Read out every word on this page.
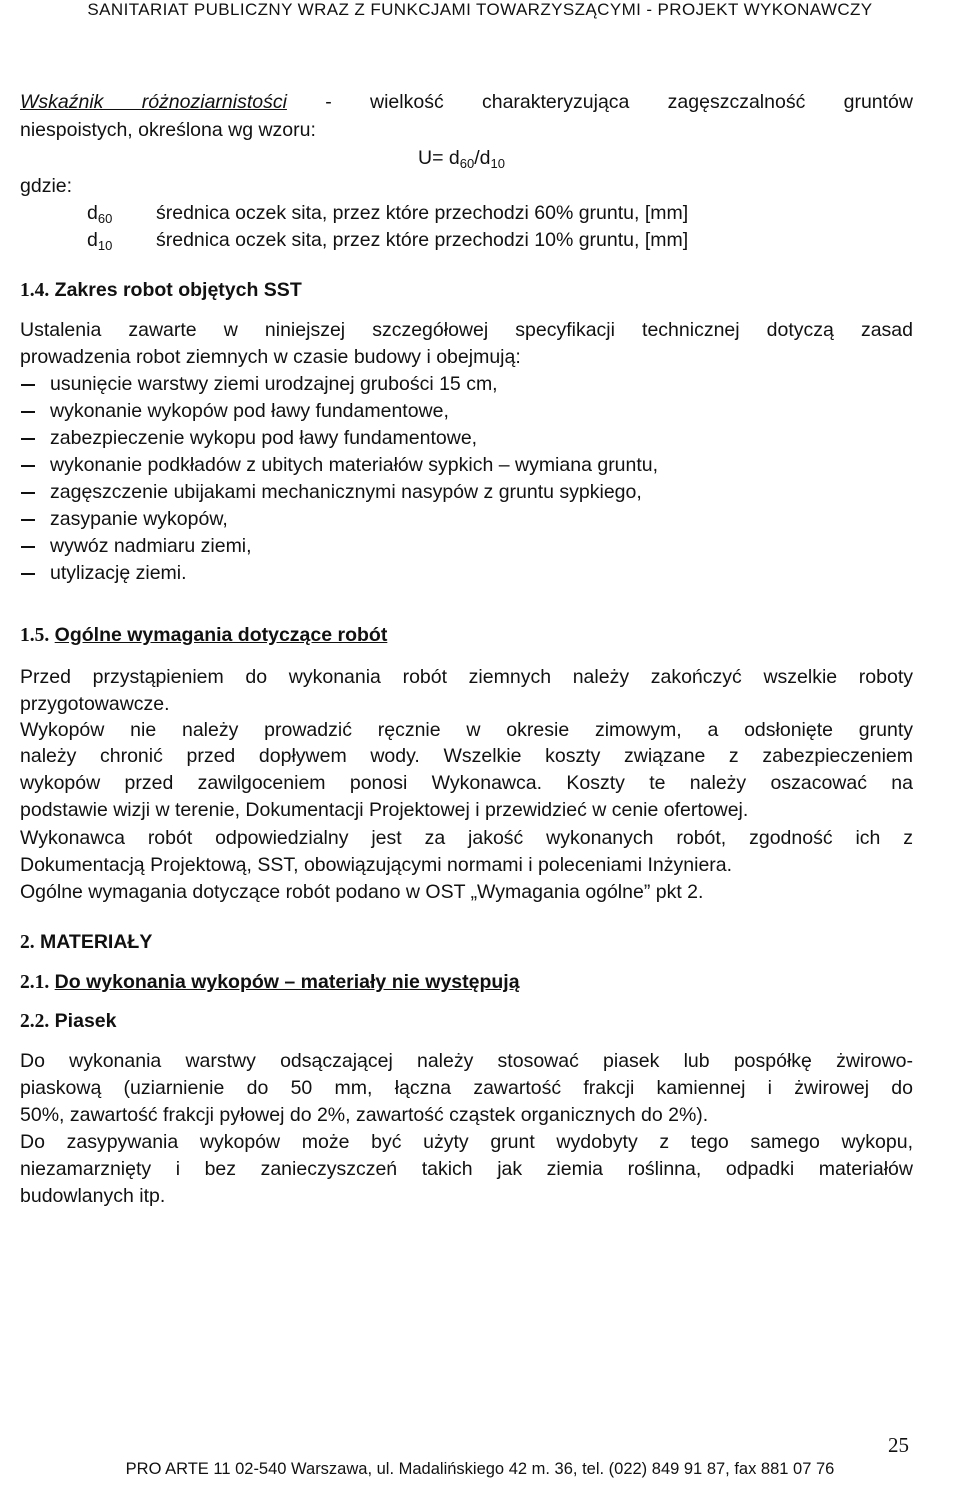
SANITARIAT PUBLICZNY WRAZ Z FUNKCJAMI TOWARZYSZĄCYMI - PROJEKT WYKONAWCZY
Wskaźnik różnoziarnistości - wielkość charakteryzująca zagęszczalność gruntów
niespoistych, określona wg wzoru:
$U= d_{60}/d_{10}$
gdzie:
$d_{60}$ średnica oczek sita, przez które przechodzi 60% gruntu, [mm]
$d_{10}$ średnica oczek sita, przez które przechodzi 10% gruntu, [mm]
1.4. Zakres robot objętych SST
Ustalenia zawarte w niniejszej szczegółowej specyfikacji technicznej dotyczą zasad
prowadzenia robot ziemnych w czasie budowy i obejmują:
usunięcie warstwy ziemi urodzajnej grubości 15 cm,
wykonanie wykopów pod ławy fundamentowe,
zabezpieczenie wykopu pod ławy fundamentowe,
wykonanie podkładów z ubitych materiałów sypkich – wymiana gruntu,
zagęszczenie ubijakami mechanicznymi nasypów z gruntu sypkiego,
zasypanie wykopów,
wywóz nadmiaru ziemi,
utylizację ziemi.
1.5. Ogólne wymagania dotyczące robót
Przed przystąpieniem do wykonania robót ziemnych należy zakończyć wszelkie roboty
przygotowawcze.
Wykopów nie należy prowadzić ręcznie w okresie zimowym, a odsłonięte grunty
należy chronić przed dopływem wody. Wszelkie koszty związane z zabezpieczeniem
wykopów przed zawilgoceniem ponosi Wykonawca. Koszty te należy oszacować na
podstawie wizji w terenie, Dokumentacji Projektowej i przewidzieć w cenie ofertowej.
Wykonawca robót odpowiedzialny jest za jakość wykonanych robót, zgodność ich z
Dokumentacją Projektową, SST, obowiązującymi normami i poleceniami Inżyniera.
Ogólne wymagania dotyczące robót podano w OST „Wymagania ogólne” pkt 2.
2. MATERIAŁY
2.1. Do wykonania wykopów – materiały nie występują
2.2. Piasek
Do wykonania warstwy odsączającej należy stosować piasek lub pospółkę żwirowo-
piaskową (uziarnienie do 50 mm, łączna zawartość frakcji kamiennej i żwirowej do
50%, zawartość frakcji pyłowej do 2%, zawartość cząstek organicznych do 2%).
Do zasypywania wykopów może być użyty grunt wydobyty z tego samego wykopu,
niezamarznięty i bez zanieczyszczeń takich jak ziemia roślinna, odpadki materiałów
budowlanych itp.
25
PRO ARTE 11 02-540 Warszawa, ul. Madalińskiego 42 m. 36, tel. (022) 849 91 87, fax 881 07 76
